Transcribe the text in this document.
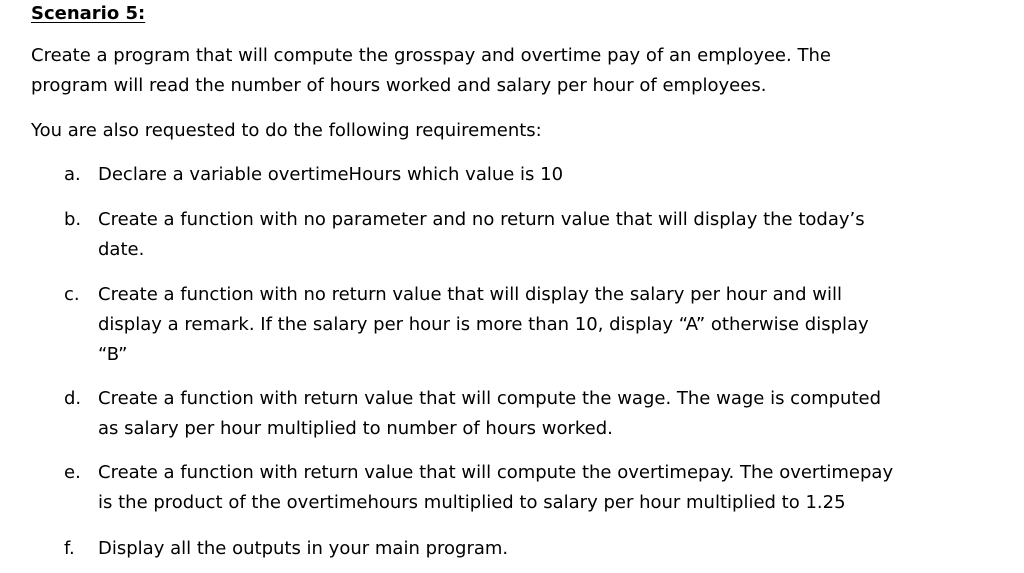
Scenario 5:
Create a program that will compute the grosspay and overtime pay of an employee. The
program will read the number of hours worked and salary per hour of employees.
You are also requested to do the following requirements:
a. Declare a variable overtimeHours which value is 10
b. Create a function with no parameter and no return value that will display the today’s
date.
c. Create a function with no return value that will display the salary per hour and will
display a remark. If the salary per hour is more than 10, display “A” otherwise display
“B”
d. Create a function with return value that will compute the wage. The wage is computed
as salary per hour multiplied to number of hours worked.
e. Create a function with return value that will compute the overtimepay. The overtimepay
is the product of the overtimehours multiplied to salary per hour multiplied to 1.25
f. Display all the outputs in your main program.
